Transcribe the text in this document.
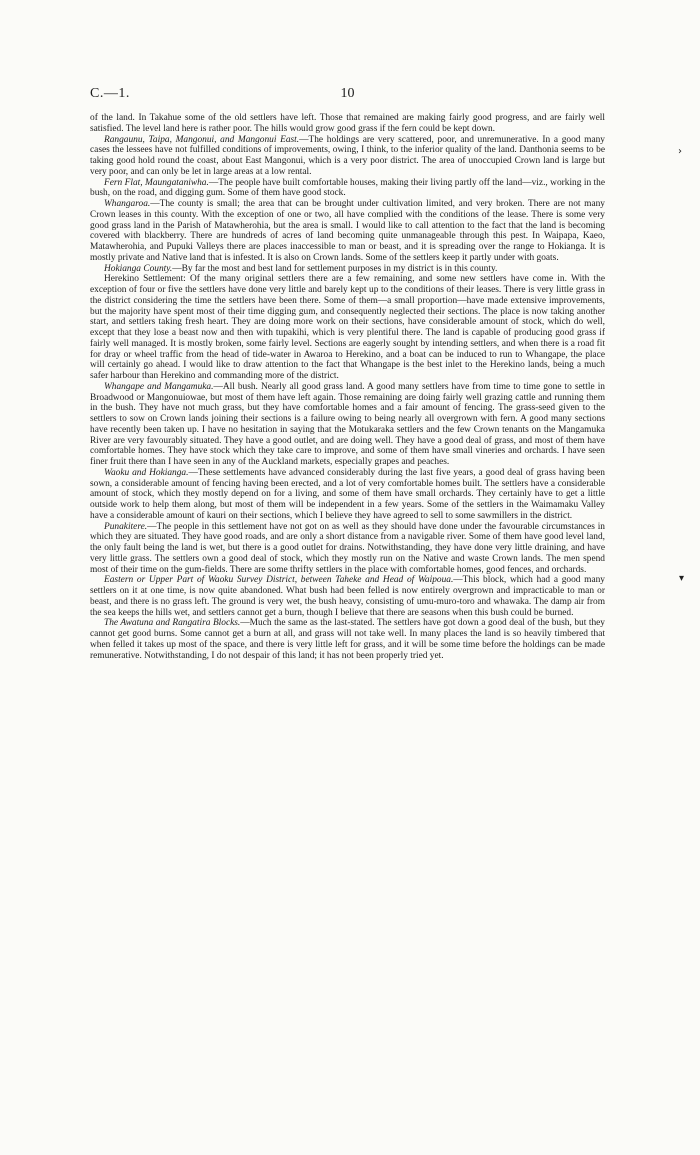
C.—1.	10

of the land. In Takahue some of the old settlers have left. Those that remained are making fairly good progress, and are fairly well satisfied. The level land here is rather poor. The hills would grow good grass if the fern could be kept down.

Rangaunu, Taipa, Mangonui, and Mangonui East.—The holdings are very scattered, poor, and unremunerative. In a good many cases the lessees have not fulfilled conditions of improvements, owing, I think, to the inferior quality of the land. Danthonia seems to be taking good hold round the coast, about East Mangonui, which is a very poor district. The area of unoccupied Crown land is large but very poor, and can only be let in large areas at a low rental.

Fern Flat, Maungataniwha.—The people have built comfortable houses, making their living partly off the land—viz., working in the bush, on the road, and digging gum. Some of them have good stock.

Whangaroa.—The county is small; the area that can be brought under cultivation limited, and very broken. There are not many Crown leases in this county. With the exception of one or two, all have complied with the conditions of the lease. There is some very good grass land in the Parish of Matawherohia, but the area is small. I would like to call attention to the fact that the land is becoming covered with blackberry. There are hundreds of acres of land becoming quite unmanageable through this pest. In Waipapa, Kaeo, Matawherohia, and Pupuki Valleys there are places inaccessible to man or beast, and it is spreading over the range to Hokianga. It is mostly private and Native land that is infested. It is also on Crown lands. Some of the settlers keep it partly under with goats.

Hokianga County.—By far the most and best land for settlement purposes in my district is in this county.

Herekino Settlement: Of the many original settlers there are a few remaining, and some new settlers have come in. With the exception of four or five the settlers have done very little and barely kept up to the conditions of their leases. There is very little grass in the district considering the time the settlers have been there. Some of them—a small proportion—have made extensive improvements, but the majority have spent most of their time digging gum, and consequently neglected their sections. The place is now taking another start, and settlers taking fresh heart. They are doing more work on their sections, have considerable amount of stock, which do well, except that they lose a beast now and then with tupakihi, which is very plentiful there. The land is capable of producing good grass if fairly well managed. It is mostly broken, some fairly level. Sections are eagerly sought by intending settlers, and when there is a road fit for dray or wheel traffic from the head of tide-water in Awaroa to Herekino, and a boat can be induced to run to Whangape, the place will certainly go ahead. I would like to draw attention to the fact that Whangape is the best inlet to the Herekino lands, being a much safer harbour than Herekino and commanding more of the district.

Whangape and Mangamuka.—All bush. Nearly all good grass land. A good many settlers have from time to time gone to settle in Broadwood or Mangonuiowae, but most of them have left again. Those remaining are doing fairly well grazing cattle and running them in the bush. They have not much grass, but they have comfortable homes and a fair amount of fencing. The grass-seed given to the settlers to sow on Crown lands joining their sections is a failure owing to being nearly all overgrown with fern. A good many sections have recently been taken up. I have no hesitation in saying that the Motukaraka settlers and the few Crown tenants on the Mangamuka River are very favourably situated. They have a good outlet, and are doing well. They have a good deal of grass, and most of them have comfortable homes. They have stock which they take care to improve, and some of them have small vineries and orchards. I have seen finer fruit there than I have seen in any of the Auckland markets, especially grapes and peaches.

Waoku and Hokianga.—These settlements have advanced considerably during the last five years, a good deal of grass having been sown, a considerable amount of fencing having been erected, and a lot of very comfortable homes built. The settlers have a considerable amount of stock, which they mostly depend on for a living, and some of them have small orchards. They certainly have to get a little outside work to help them along, but most of them will be independent in a few years. Some of the settlers in the Waimamaku Valley have a considerable amount of kauri on their sections, which I believe they have agreed to sell to some sawmillers in the district.

Punakitere.—The people in this settlement have not got on as well as they should have done under the favourable circumstances in which they are situated. They have good roads, and are only a short distance from a navigable river. Some of them have good level land, the only fault being the land is wet, but there is a good outlet for drains. Notwithstanding, they have done very little draining, and have very little grass. The settlers own a good deal of stock, which they mostly run on the Native and waste Crown lands. The men spend most of their time on the gum-fields. There are some thrifty settlers in the place with comfortable homes, good fences, and orchards.

Eastern or Upper Part of Waoku Survey District, between Taheke and Head of Waipoua.—This block, which had a good many settlers on it at one time, is now quite abandoned. What bush had been felled is now entirely overgrown and impracticable to man or beast, and there is no grass left. The ground is very wet, the bush heavy, consisting of umu-muro-toro and whawaka. The damp air from the sea keeps the hills wet, and settlers cannot get a burn, though I believe that there are seasons when this bush could be burned.

The Awatuna and Rangatira Blocks.—Much the same as the last-stated. The settlers have got down a good deal of the bush, but they cannot get good burns. Some cannot get a burn at all, and grass will not take well. In many places the land is so heavily timbered that when felled it takes up most of the space, and there is very little left for grass, and it will be some time before the holdings can be made remunerative. Notwithstanding, I do not despair of this land; it has not been properly tried yet.

›
▾
